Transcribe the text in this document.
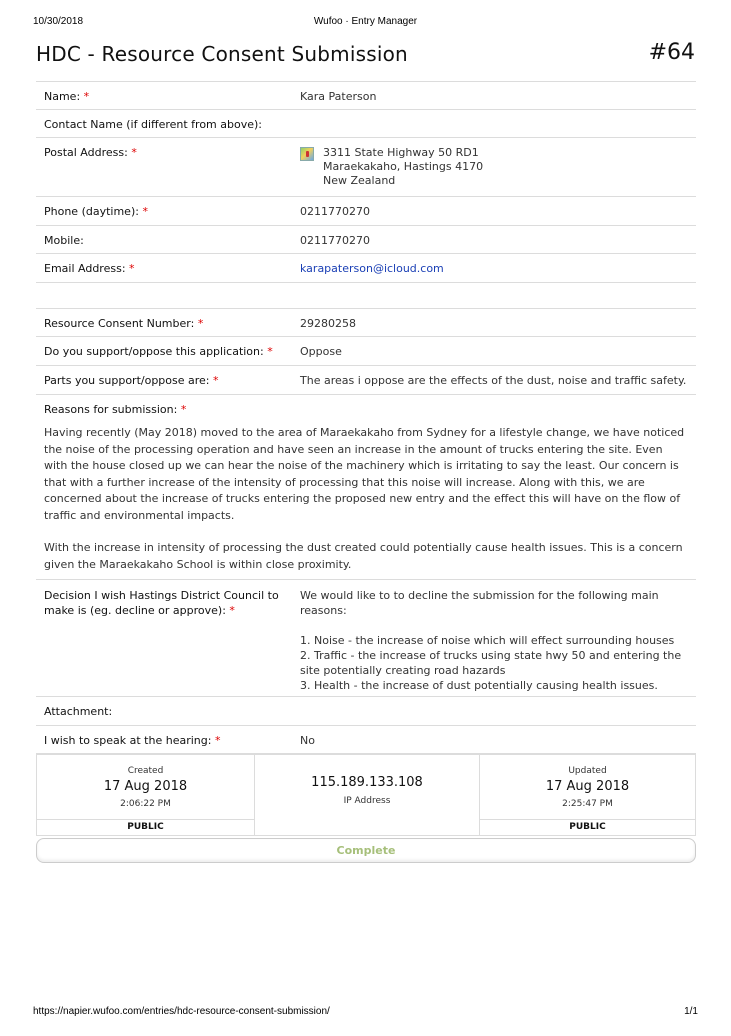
10/30/2018	Wufoo · Entry Manager
HDC - Resource Consent Submission	#64
Name: *	Kara Paterson
Contact Name (if different from above):
Postal Address: *	3311 State Highway 50 RD1
Maraekakaho, Hastings 4170
New Zealand
Phone (daytime): *	0211770270
Mobile:	0211770270
Email Address: *	karapaterson@icloud.com
Resource Consent Number: *	29280258
Do you support/oppose this application: *	Oppose
Parts you support/oppose are: *	The areas i oppose are the effects of the dust, noise and traffic safety.
Reasons for submission: *

Having recently (May 2018) moved to the area of Maraekakaho from Sydney for a lifestyle change, we have noticed the noise of the processing operation and have seen an increase in the amount of trucks entering the site. Even with the house closed up we can hear the noise of the machinery which is irritating to say the least. Our concern is that with a further increase of the intensity of processing that this noise will increase. Along with this, we are concerned about the increase of trucks entering the proposed new entry and the effect this will have on the flow of traffic and environmental impacts.

With the increase in intensity of processing the dust created could potentially cause health issues. This is a concern given the Maraekakaho School is within close proximity.

Decision I wish Hastings District Council to make is (eg. decline or approve): *
We would like to to decline the submission for the following main reasons:
1. Noise - the increase of noise which will effect surrounding houses
2. Traffic - the increase of trucks using state hwy 50 and entering the site potentially creating road hazards
3. Health - the increase of dust potentially causing health issues.
Attachment:
I wish to speak at the hearing: *	No
Created
17 Aug 2018
2:06:22 PM
PUBLIC
115.189.133.108
IP Address
Updated
17 Aug 2018
2:25:47 PM
PUBLIC
Complete
https://napier.wufoo.com/entries/hdc-resource-consent-submission/	1/1
